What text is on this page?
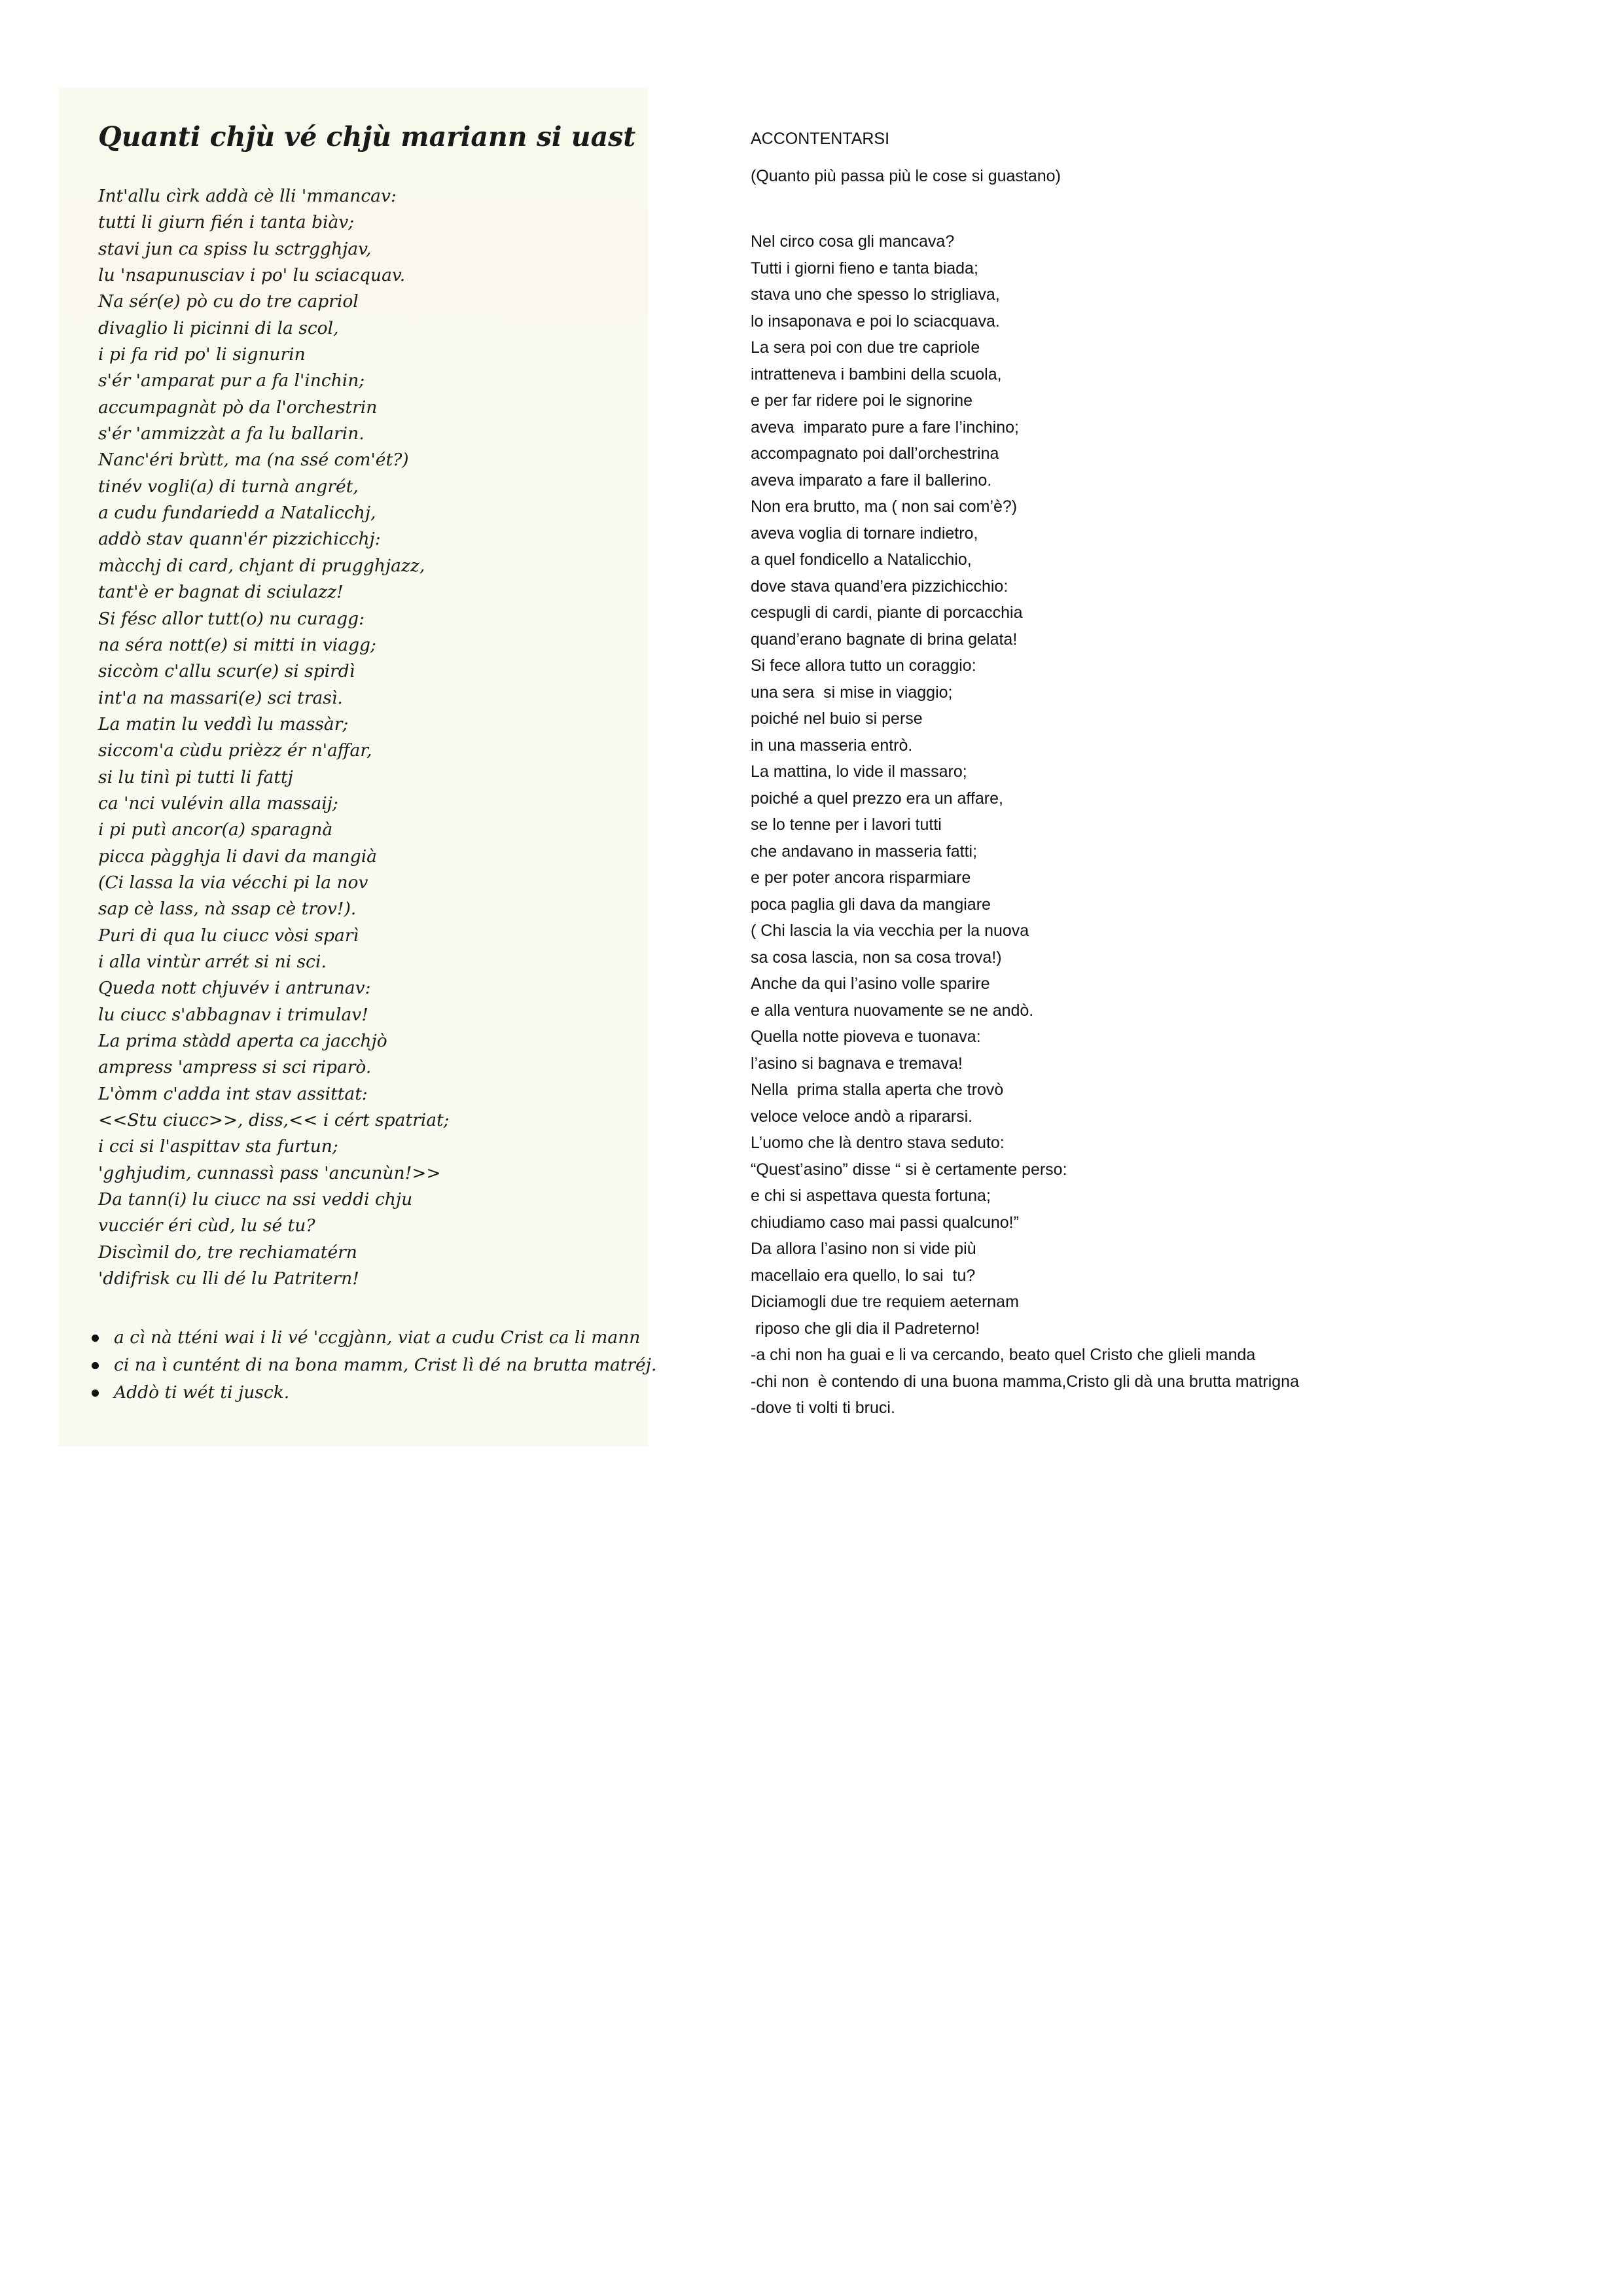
Quanti chjù vé chjù mariann si uast
Int'allu cìrk addà cè lli 'mmancav:
tutti li giurn fién i tanta biàv;
stavi jun ca spiss lu sctrgghjav,
lu 'nsapunusciav i po' lu sciacquav.
Na sér(e) pò cu do tre capriol
divaglio li picinni di la scol,
i pi fa rid po' li signurin
s'ér 'amparat pur a fa l'inchin;
accumpagnàt pò da l'orchestrin
s'ér 'ammizzàt a fa lu ballarin.
Nanc'éri brùtt, ma (na ssé com'ét?)
tinév vogli(a) di turnà angrét,
a cudu fundariedd a Natalicchj,
addò stav quann'ér pizzichicchj:
màcchj di card, chjant di prugghjazz,
tant'è er bagnat di sciulazz!
Si fésc allor tutt(o) nu curagg:
na séra nott(e) si mitti in viagg;
siccòm c'allu scur(e) si spirdì
int'a na massari(e) sci trasì.
La matin lu veddì lu massàr;
siccom'a cùdu prièzz ér n'affar,
si lu tinì pi tutti li fattj
ca 'nci vulévin alla massaij;
i pi putì ancor(a) sparagnà
picca pàgghja li davi da mangià
(Ci lassa la via vécchi pi la nov
sap cè lass, nà ssap cè trov!).
Puri di qua lu ciucc vòsi sparì
i alla vintùr arrét si ni sci.
Queda nott chjuvév i antrunav:
lu ciucc s'abbagnav i trimulav!
La prima stàdd aperta ca jacchjò
ampress 'ampress si sci riparò.
L'òmm c'adda int stav assittat:
<<Stu ciucc>>, diss,<< i cért spatriat;
i cci si l'aspittav sta furtun;
'gghjudim, cunnassì pass 'ancunùn!>>
Da tann(i) lu ciucc na ssi veddi chju
vucciér éri cùd, lu sé tu?
Discìmil do, tre rechiamatérn
'ddifrisk cu lli dé lu Patritern!
a cì nà tténi wai i li vé 'ccgjànn, viat a cudu Crist ca li mann
ci na ì cuntént di na bona mamm, Crist lì dé na brutta matréj.
Addò ti wét ti jusck.
ACCONTENTARSI
(Quanto più passa più le cose si guastano)
Nel circo cosa gli mancava?
Tutti i giorni fieno e tanta biada;
stava uno che spesso lo strigliava,
lo insaponava e poi lo sciacquava.
La sera poi con due tre capriole
intratteneva i bambini della scuola,
e per far ridere poi le signorine
aveva  imparato pure a fare l’inchino;
accompagnato poi dall’orchestrina
aveva imparato a fare il ballerino.
Non era brutto, ma ( non sai com’è?)
aveva voglia di tornare indietro,
a quel fondicello a Natalicchio,
dove stava quand’era pizzichicchio:
cespugli di cardi, piante di porcacchia
quand’erano bagnate di brina gelata!
Si fece allora tutto un coraggio:
una sera  si mise in viaggio;
poiché nel buio si perse
in una masseria entrò.
La mattina, lo vide il massaro;
poiché a quel prezzo era un affare,
se lo tenne per i lavori tutti
che andavano in masseria fatti;
e per poter ancora risparmiare
poca paglia gli dava da mangiare
( Chi lascia la via vecchia per la nuova
sa cosa lascia, non sa cosa trova!)
Anche da qui l’asino volle sparire
e alla ventura nuovamente se ne andò.
Quella notte pioveva e tuonava:
l’asino si bagnava e tremava!
Nella  prima stalla aperta che trovò
veloce veloce andò a ripararsi.
L’uomo che là dentro stava seduto:
“Quest’asino” disse “ si è certamente perso:
e chi si aspettava questa fortuna;
chiudiamo caso mai passi qualcuno!”
Da allora l’asino non si vide più
macellaio era quello, lo sai  tu?
Diciamogli due tre requiem aeternam
riposo che gli dia il Padreterno!
-a chi non ha guai e li va cercando, beato quel Cristo che glieli manda
-chi non  è contendo di una buona mamma,Cristo gli dà una brutta matrigna
-dove ti volti ti bruci.
